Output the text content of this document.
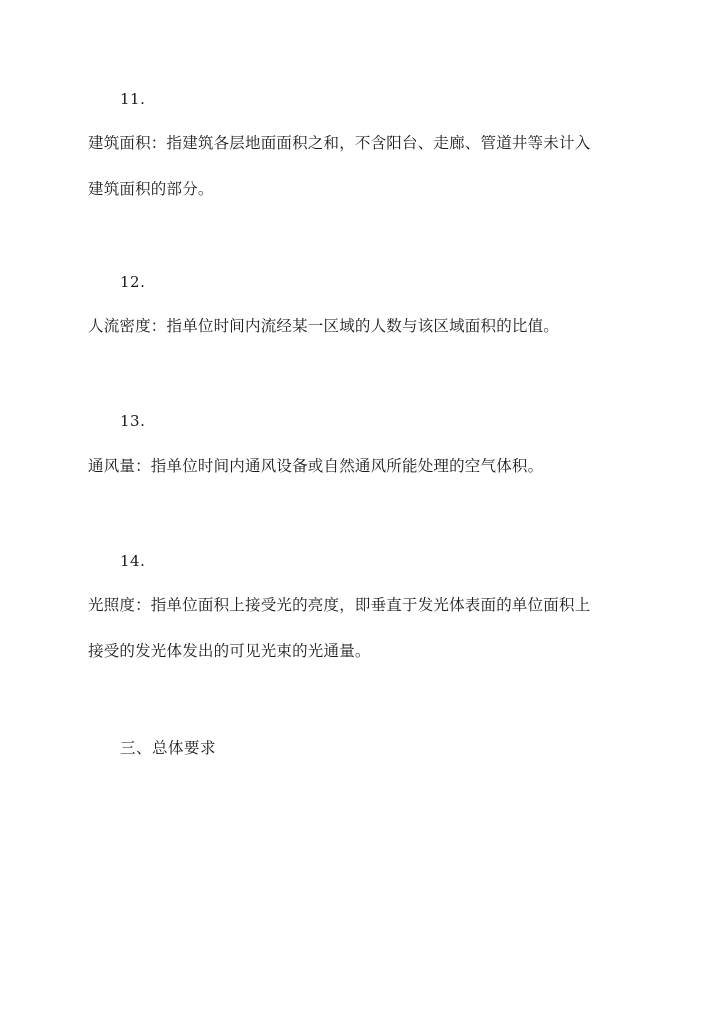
11.
建筑面积：指建筑各层地面面积之和，不含阳台、走廊、管道井等未计入
建筑面积的部分。
12.
人流密度：指单位时间内流经某一区域的人数与该区域面积的比值。
13.
通风量：指单位时间内通风设备或自然通风所能处理的空气体积。
14.
光照度：指单位面积上接受光的亮度，即垂直于发光体表面的单位面积上
接受的发光体发出的可见光束的光通量。
三、总体要求
